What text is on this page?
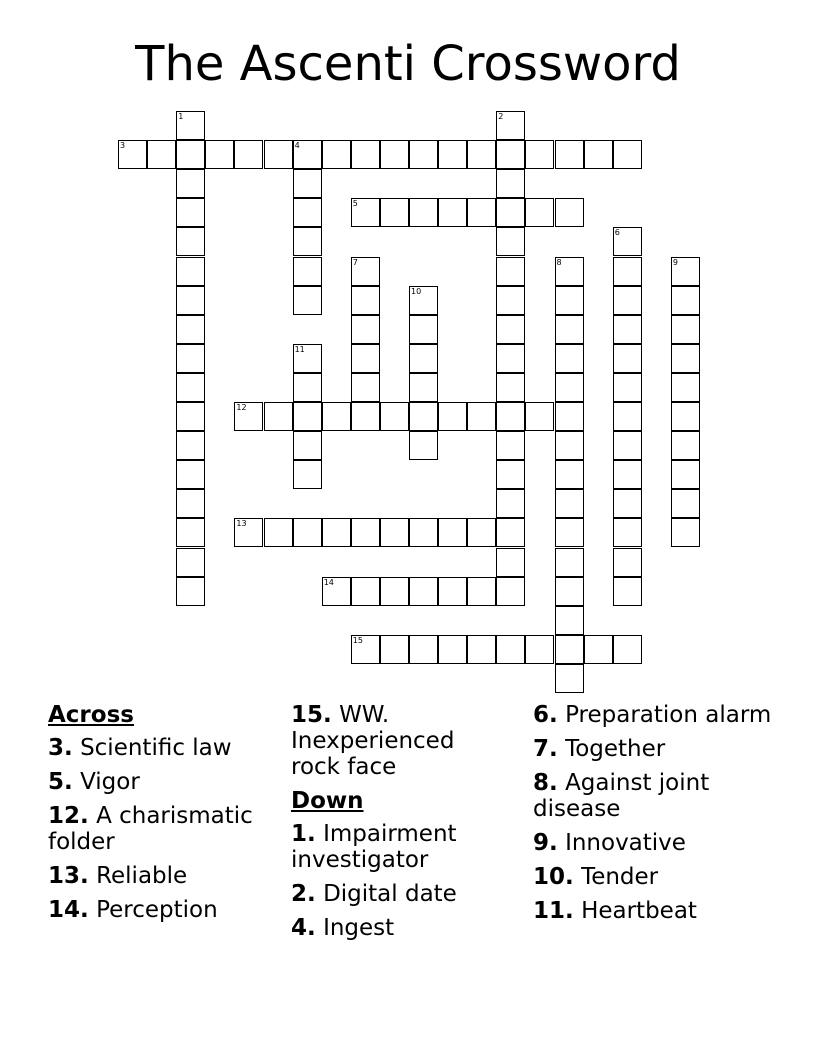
The Ascenti Crossword
1	2
3	4
5
6
7	8	9
10
11
12
13
14
15
Across
3. Scientific law
5. Vigor
12. A charismatic folder
13. Reliable
14. Perception
15. WW. Inexperienced rock face
Down
1. Impairment investigator
2. Digital date
4. Ingest
6. Preparation alarm
7. Together
8. Against joint disease
9. Innovative
10. Tender
11. Heartbeat
